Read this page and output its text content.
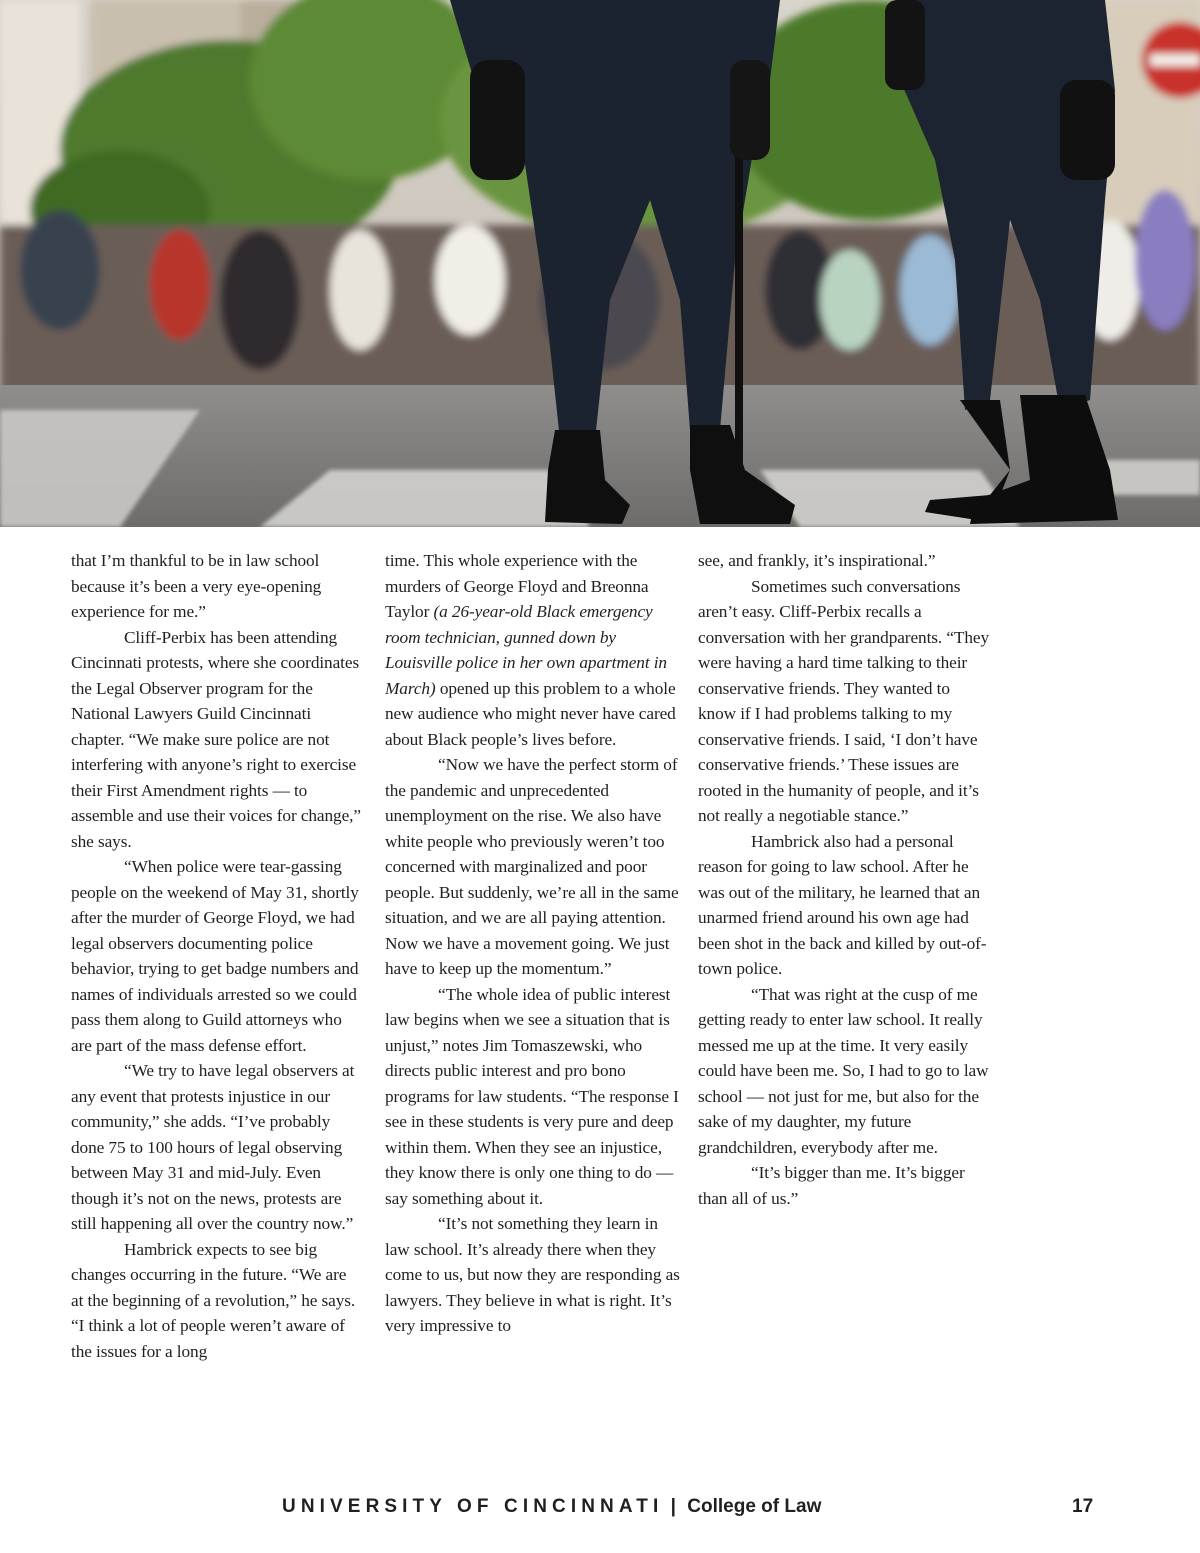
that I’m thankful to be in law school because it’s been a very eye-opening experience for me.”

Cliff-Perbix has been attending Cincinnati protests, where she coordinates the Legal Observer program for the National Lawyers Guild Cincinnati chapter. “We make sure police are not interfering with anyone’s right to exercise their First Amendment rights — to assemble and use their voices for change,” she says.

“When police were tear-gassing people on the weekend of May 31, shortly after the murder of George Floyd, we had legal observers documenting police behavior, trying to get badge numbers and names of individuals arrested so we could pass them along to Guild attorneys who are part of the mass defense effort.

“We try to have legal observers at any event that protests injustice in our community,” she adds. “I’ve probably done 75 to 100 hours of legal observing between May 31 and mid-July. Even though it’s not on the news, protests are still happening all over the country now.”

Hambrick expects to see big changes occurring in the future. “We are at the beginning of a revolution,” he says. “I think a lot of people weren’t aware of the issues for a long

time. This whole experience with the murders of George Floyd and Breonna Taylor (a 26-year-old Black emergency room technician, gunned down by Louisville police in her own apartment in March) opened up this problem to a whole new audience who might never have cared about Black people’s lives before.

“Now we have the perfect storm of the pandemic and unprecedented unemployment on the rise. We also have white people who previously weren’t too concerned with marginalized and poor people. But suddenly, we’re all in the same situation, and we are all paying attention. Now we have a movement going. We just have to keep up the momentum.”

“The whole idea of public interest law begins when we see a situation that is unjust,” notes Jim Tomaszewski, who directs public interest and pro bono programs for law students. “The response I see in these students is very pure and deep within them. When they see an injustice, they know there is only one thing to do — say something about it.

“It’s not something they learn in law school. It’s already there when they come to us, but now they are responding as lawyers. They believe in what is right. It’s very impressive to

see, and frankly, it’s inspirational.”

Sometimes such conversations aren’t easy. Cliff-Perbix recalls a conversation with her grandparents. “They were having a hard time talking to their conservative friends. They wanted to know if I had problems talking to my conservative friends. I said, ‘I don’t have conservative friends.’ These issues are rooted in the humanity of people, and it’s not really a negotiable stance.”

Hambrick also had a personal reason for going to law school. After he was out of the military, he learned that an unarmed friend around his own age had been shot in the back and killed by out-of-town police.

“That was right at the cusp of me getting ready to enter law school. It really messed me up at the time. It very easily could have been me. So, I had to go to law school — not just for me, but also for the sake of my daughter, my future grandchildren, everybody after me.

“It’s bigger than me. It’s bigger than all of us.”

UNIVERSITY OF CINCINNATI | College of Law	17
